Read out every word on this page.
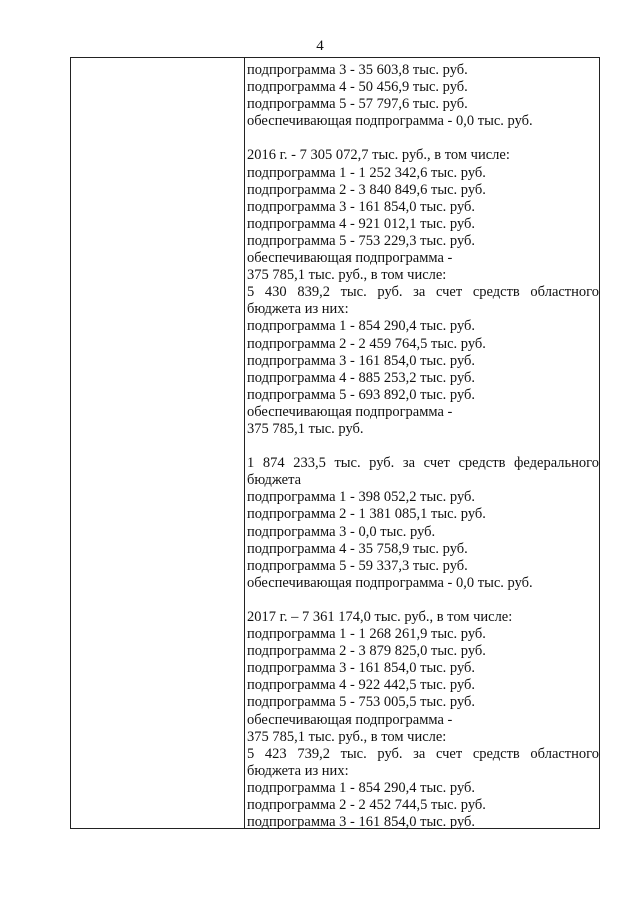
4
подпрограмма 3 - 35 603,8 тыс. руб.
подпрограмма 4 - 50 456,9 тыс. руб.
подпрограмма 5 - 57 797,6 тыс. руб.
обеспечивающая подпрограмма - 0,0 тыс. руб.
2016 г. - 7 305 072,7 тыс. руб., в том числе:
подпрограмма 1 - 1 252 342,6 тыс. руб.
подпрограмма 2 - 3 840 849,6 тыс. руб.
подпрограмма 3 - 161 854,0 тыс. руб.
подпрограмма 4 - 921 012,1 тыс. руб.
подпрограмма 5 - 753 229,3 тыс. руб.
обеспечивающая подпрограмма -
375 785,1 тыс. руб., в том числе:
5 430 839,2 тыс. руб. за счет средств областного
бюджета из них:
подпрограмма 1 - 854 290,4 тыс. руб.
подпрограмма 2 - 2 459 764,5 тыс. руб.
подпрограмма 3 - 161 854,0 тыс. руб.
подпрограмма 4 - 885 253,2 тыс. руб.
подпрограмма 5 - 693 892,0 тыс. руб.
обеспечивающая подпрограмма -
375 785,1 тыс. руб.
1 874 233,5 тыс. руб. за счет средств федерального
бюджета
подпрограмма 1 - 398 052,2 тыс. руб.
подпрограмма 2 - 1 381 085,1 тыс. руб.
подпрограмма 3 - 0,0 тыс. руб.
подпрограмма 4 - 35 758,9 тыс. руб.
подпрограмма 5 - 59 337,3 тыс. руб.
обеспечивающая подпрограмма - 0,0 тыс. руб.
2017 г. – 7 361 174,0 тыс. руб., в том числе:
подпрограмма 1 - 1 268 261,9 тыс. руб.
подпрограмма 2 - 3 879 825,0 тыс. руб.
подпрограмма 3 - 161 854,0 тыс. руб.
подпрограмма 4 - 922 442,5 тыс. руб.
подпрограмма 5 - 753 005,5 тыс. руб.
обеспечивающая подпрограмма -
375 785,1 тыс. руб., в том числе:
5 423 739,2 тыс. руб. за счет средств областного
бюджета из них:
подпрограмма 1 - 854 290,4 тыс. руб.
подпрограмма 2 - 2 452 744,5 тыс. руб.
подпрограмма 3 - 161 854,0 тыс. руб.
